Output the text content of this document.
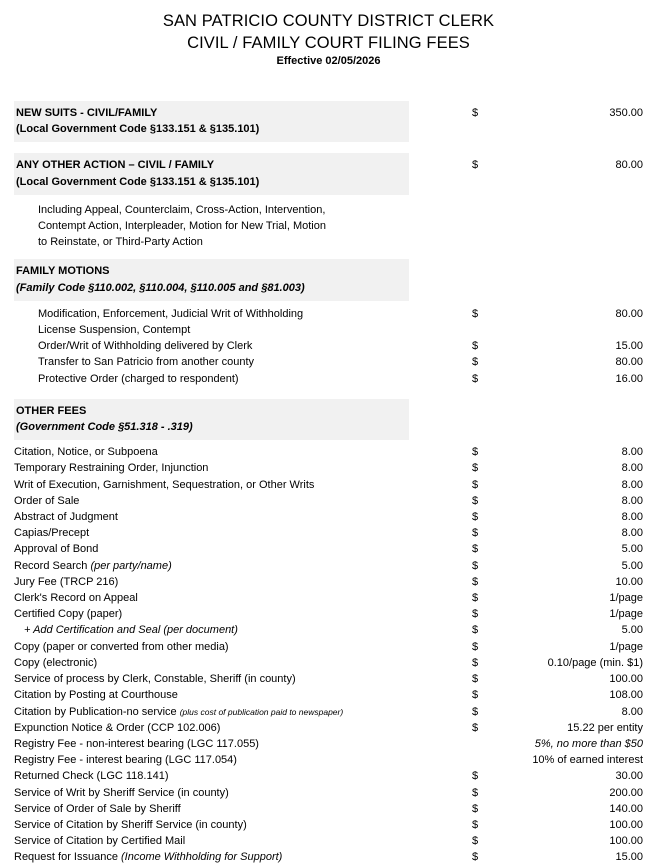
SAN PATRICIO COUNTY DISTRICT CLERK
CIVIL / FAMILY COURT FILING FEES
Effective 02/05/2026
NEW SUITS - CIVIL/FAMILY
(Local Government Code §133.151 & §135.101)
$	350.00
ANY OTHER ACTION – CIVIL / FAMILY
(Local Government Code §133.151 & §135.101)
$	80.00
Including Appeal, Counterclaim, Cross-Action, Intervention,
Contempt Action, Interpleader, Motion for New Trial, Motion
to Reinstate, or Third-Party Action
FAMILY MOTIONS
(Family Code §110.002, §110.004, §110.005 and §81.003)
Modification, Enforcement, Judicial Writ of Withholding
License Suspension, Contempt
$	80.00
Order/Writ of Withholding delivered by Clerk	$	15.00
Transfer to San Patricio from another county	$	80.00
Protective Order (charged to respondent)	$	16.00
OTHER FEES
(Government Code §51.318 - .319)
Citation, Notice, or Subpoena	$	8.00
Temporary Restraining Order, Injunction	$	8.00
Writ of Execution, Garnishment, Sequestration, or Other Writs	$	8.00
Order of Sale	$	8.00
Abstract of Judgment	$	8.00
Capias/Precept	$	8.00
Approval of Bond	$	5.00
Record Search (per party/name)	$	5.00
Jury Fee (TRCP 216)	$	10.00
Clerk's Record on Appeal	$	1/page
Certified Copy (paper)	$	1/page
+ Add Certification and Seal (per document)	$	5.00
Copy (paper or converted from other media)	$	1/page
Copy (electronic)	$	0.10/page (min. $1)
Service of process by Clerk, Constable, Sheriff (in county)	$	100.00
Citation by Posting at Courthouse	$	108.00
Citation by Publication-no service (plus cost of publication paid to newspaper)	$	8.00
Expunction Notice & Order (CCP 102.006)	$	15.22 per entity
Registry Fee - non-interest bearing (LGC 117.055)	5%, no more than $50
Registry Fee - interest bearing (LGC 117.054)	10% of earned interest
Returned Check (LGC 118.141)	$	30.00
Service of Writ by Sheriff Service (in county)	$	200.00
Service of Order of Sale by Sheriff	$	140.00
Service of Citation by Sheriff Service (in county)	$	100.00
Service of Citation by Certified Mail	$	100.00
Request for Issuance (Income Withholding for Support)	$	15.00
